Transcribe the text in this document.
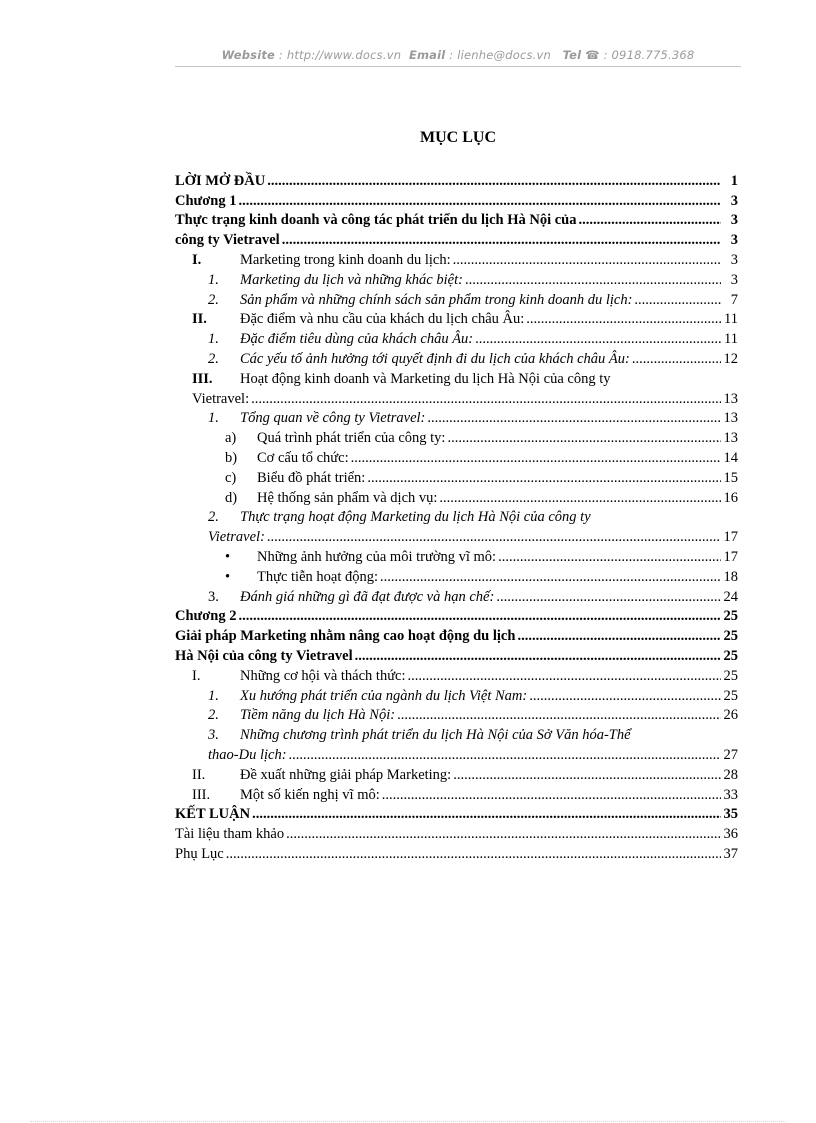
Website : http://www.docs.vn Email : lienhe@docs.vn Tel ☎ : 0918.775.368
MỤC LỤC
LỜI MỞ ĐẦU .....	1
Chương 1 .....	3
Thực trạng kinh doanh và công tác phát triển du lịch Hà Nội của .....	3
công ty Vietravel .....	3
I.	Marketing trong kinh doanh du lịch: .....	3
1.	Marketing du lịch và những khác biệt: .....	3
2.	Sản phẩm và những chính sách sản phẩm trong kinh doanh du lịch: .....	7
II.	Đặc điểm và nhu cầu của khách du lịch châu Âu: .....	11
1.	Đặc điểm tiêu dùng của khách châu Âu: .....	11
2.	Các yếu tố ảnh hưởng tới quyết định đi du lịch của khách châu Âu: .....	12
III.	Hoạt động kinh doanh và Marketing du lịch Hà Nội của công ty
Vietravel: .....	13
1.	Tổng quan về công ty Vietravel: .....	13
a)	Quá trình phát triển của công ty: .....	13
b)	Cơ cấu tổ chức: .....	14
c)	Biểu đồ phát triển: .....	15
d)	Hệ thống sản phẩm và dịch vụ: .....	16
2.	Thực trạng hoạt động Marketing du lịch Hà Nội của công ty
Vietravel: .....	17
•	Những ảnh hưởng của môi trường vĩ mô: .....	17
•	Thực tiễn hoạt động: .....	18
3.	Đánh giá những gì đã đạt được và hạn chế: .....	24
Chương 2 .....	25
Giải pháp Marketing nhằm nâng cao hoạt động du lịch .....	25
Hà Nội của công ty Vietravel .....	25
I.	Những cơ hội và thách thức: .....	25
1.	Xu hướng phát triển của ngành du lịch Việt Nam: .....	25
2.	Tiềm năng du lịch Hà Nội: .....	26
3.	Những chương trình phát triển du lịch Hà Nội của Sở Văn hóa-Thể
thao-Du lịch: .....	27
II.	Đề xuất những giải pháp Marketing: .....	28
III.	Một số kiến nghị vĩ mô: .....	33
KẾT LUẬN .....	35
Tài liệu tham khảo .....	36
Phụ Lục .....	37
